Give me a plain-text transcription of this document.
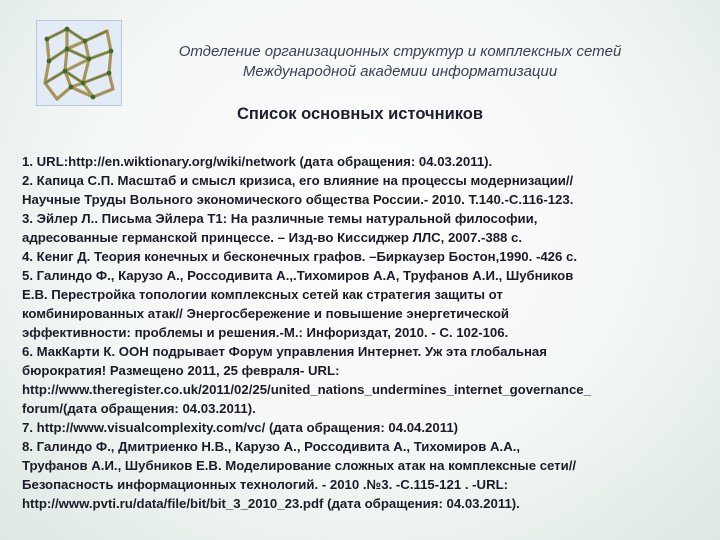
Отделение организационных структур и комплексных сетей
Международной академии информатизации
Список основных источников
1. URL:http://en.wiktionary.org/wiki/network (дата обращения: 04.03.2011).
2. Капица С.П. Масштаб и смысл кризиса, его влияние на процессы модернизации//
Научные Труды Вольного экономического общества России.- 2010. Т.140.-С.116-123.
3. Эйлер Л.. Письма Эйлера Т1: На различные темы натуральной философии,
адресованные германской принцессе. – Изд-во Киссиджер ЛЛС, 2007.-388 с.
4. Кениг Д. Теория конечных и бесконечных графов. –Биркаузер Бостон,1990. -426 с.
5. Галиндо Ф., Карузо А., Россодивита А.,.Тихомиров А.А, Труфанов А.И., Шубников
Е.В. Перестройка топологии комплексных сетей как стратегия защиты от
комбинированных атак// Энергосбережение и повышение энергетической
эффективности: проблемы и решения.-М.: Инфориздат, 2010. - С. 102-106.
6. МакКарти К. ООН подрывает Форум управления Интернет. Уж эта глобальная
бюрократия! Размещено 2011, 25 февраля- URL:
http://www.theregister.co.uk/2011/02/25/united_nations_undermines_internet_governance_
forum/(дата обращения: 04.03.2011).
7. http://www.visualcomplexity.com/vc/ (дата обращения: 04.04.2011)
8. Галиндо Ф., Дмитриенко Н.В., Карузо А., Россодивита А., Тихомиров А.А.,
Труфанов А.И., Шубников Е.В. Моделирование сложных атак на комплексные сети//
Безопасность информационных технологий. - 2010 .№3. -С.115-121 . -URL:
http://www.pvti.ru/data/file/bit/bit_3_2010_23.pdf (дата обращения: 04.03.2011).
